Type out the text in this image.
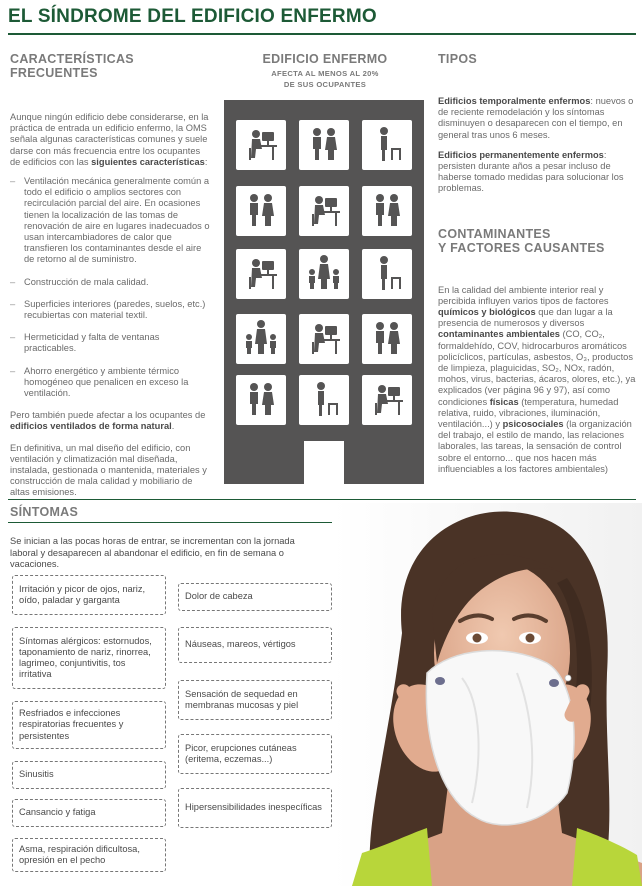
EL SÍNDROME DEL EDIFICIO ENFERMO
CARACTERÍSTICAS
FRECUENTES

Aunque ningún edificio debe considerarse, en la práctica de entrada un edificio enfermo, la OMS señala algunas características comunes y suele darse con más frecuencia entre los ocupantes de edificios con las siguientes características:

– Ventilación mecánica generalmente común a todo el edificio o amplios sectores con recirculación parcial del aire. En ocasiones tienen la localización de las tomas de renovación de aire en lugares inadecuados o usan intercambiadores de calor que transfieren los contaminantes desde el aire de retorno al de suministro.
– Construcción de mala calidad.
– Superficies interiores (paredes, suelos, etc.) recubiertas con material textil.
– Hermeticidad y falta de ventanas practicables.
– Ahorro energético y ambiente térmico homogéneo que penalicen en exceso la ventilación.

Pero también puede afectar a los ocupantes de edificios ventilados de forma natural.

En definitiva, un mal diseño del edificio, con ventilación y climatización mal diseñada, instalada, gestionada o mantenida, materiales y construcción de mala calidad y mobiliario de altas emisiones.

EDIFICIO ENFERMO
AFECTA AL MENOS AL 20%
DE SUS OCUPANTES
TIPOS

Edificios temporalmente enfermos: nuevos o de reciente remodelación y los síntomas disminuyen o desaparecen con el tiempo, en general tras unos 6 meses.

Edificios permanentemente enfermos: persisten durante años a pesar incluso de haberse tomado medidas para solucionar los problemas.

CONTAMINANTES
Y FACTORES CAUSANTES

En la calidad del ambiente interior real y percibida influyen varios tipos de factores químicos y biológicos que dan lugar a la presencia de numerosos y diversos contaminantes ambientales (CO, CO₂, formaldehído, COV, hidrocarburos aromáticos policíclicos, partículas, asbestos, O₃, productos de limpieza, plaguicidas, SO₂, NOx, radón, mohos, virus, bacterias, ácaros, olores, etc.), ya explicados (ver página 96 y 97), así como condiciones físicas (temperatura, humedad relativa, ruido, vibraciones, iluminación, ventilación...) y psicosociales (la organización del trabajo, el estilo de mando, las relaciones laborales, las tareas, la sensación de control sobre el entorno... que nos hacen más influenciables a los factores ambientales)

SÍNTOMAS
Se inician a las pocas horas de entrar, se incrementan con la jornada laboral y desaparecen al abandonar el edificio, en fin de semana o vacaciones.
Irritación y picor de ojos, nariz, oído, paladar y garganta
Síntomas alérgicos: estornudos, taponamiento de nariz, rinorrea, lagrimeo, conjuntivitis, tos irritativa
Resfriados e infecciones respiratorias frecuentes y persistentes
Sinusitis
Cansancio y fatiga
Asma, respiración dificultosa, opresión en el pecho
Dolor de cabeza
Náuseas, mareos, vértigos
Sensación de sequedad en membranas mucosas y piel
Picor, erupciones cutáneas (eritema, eczemas...)
Hipersensibilidades inespecíficas
